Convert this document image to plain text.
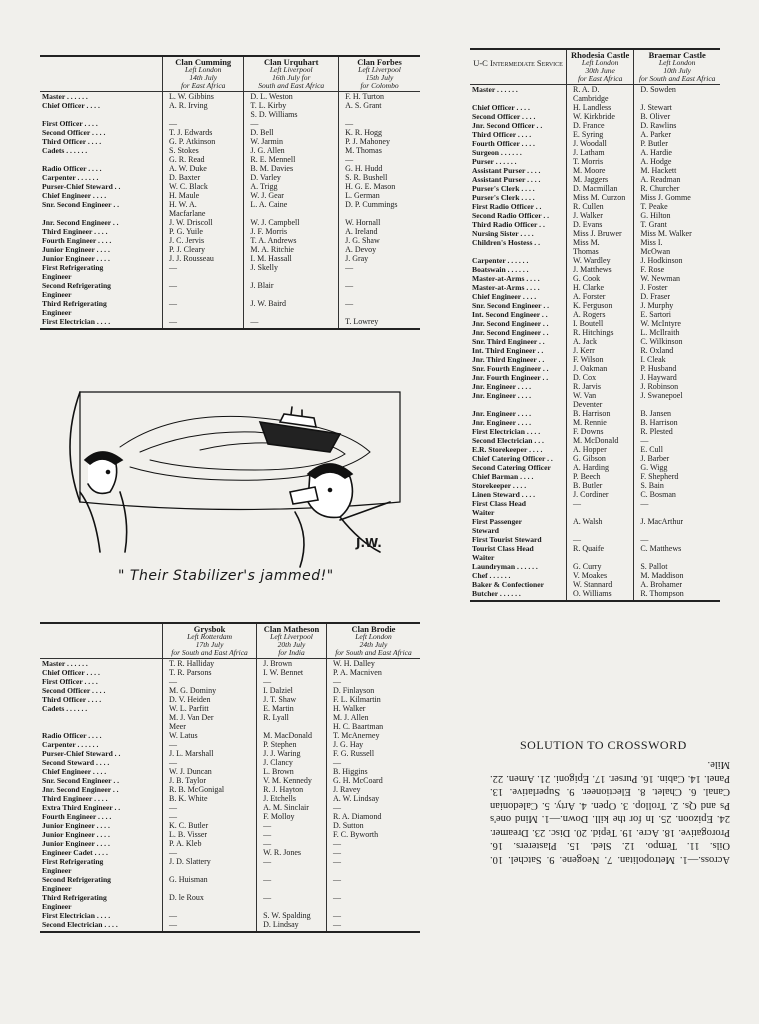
	Clan Cumming
Left London
14th July
for East Africa	Clan Urquhart
Left Liverpool
16th July for
South and East Africa	Clan Forbes
Left Liverpool
15th July
for Colombo

Master . . . . . .	L. W. Gibbins	D. L. Weston	F. H. Turton
Chief Officer . . . .	A. R. Irving	T. L. Kirby	A. S. Grant
		S. D. Williams	
First Officer . . . .	—	—	—
Second Officer . . . .	T. J. Edwards	D. Bell	K. R. Hogg
Third Officer . . . .	G. P. Atkinson	W. Jarmin	P. J. Mahoney
Cadets . . . . . .	S. Stokes	J. G. Allen	M. Thomas
	G. R. Read	R. E. Mennell	—
Radio Officer . . . .	A. W. Duke	B. M. Davies	G. H. Hudd
Carpenter . . . . . .	D. Baxter	D. Varley	S. R. Bushell
Purser-Chief Steward . .	W. C. Black	A. Trigg	H. G. E. Mason
Chief Engineer . . . .	H. Maule	W. J. Gear	L. German
Snr. Second Engineer . .	H. W. A.	L. A. Caine	D. P. Cummings
	Macfarlane		
Jnr. Second Engineer . .	J. W. Driscoll	W. J. Campbell	W. Hornall
Third Engineer . . . .	P. G. Yuile	J. F. Morris	A. Ireland
Fourth Engineer . . . .	J. C. Jervis	T. A. Andrews	J. G. Shaw
Junior Engineer . . . .	P. J. Cleary	M. A. Ritchie	A. Devoy
Junior Engineer . . . .	J. J. Rousseau	I. M. Hassall	J. Gray
First Refrigerating	—	J. Skelly	—
Engineer			
Second Refrigerating	—	J. Blair	—
Engineer			
Third Refrigerating	—	J. W. Baird	—
Engineer			
First Electrician . . . .	—	—	T. Lowrey
J.W.
" Their Stabilizer's jammed!"

	Grysbok
Left Rotterdam
17th July
for South and East Africa	Clan Matheson
Left Liverpool
20th July
for India	Clan Brodie
Left London
24th July
for South and East Africa

Master . . . . . .	T. R. Halliday	J. Brown	W. H. Dalley
Chief Officer . . . .	T. R. Parsons	I. W. Bennet	P. A. Macniven
First Officer . . . .	—	—	—
Second Officer . . . .	M. G. Dominy	I. Dalziel	D. Finlayson
Third Officer . . . .	D. V. Heiden	J. T. Shaw	F. L. Kilmartin
Cadets . . . . . .	W. L. Parfitt	E. Martin	H. Walker
	M. J. Van Der	R. Lyall	M. J. Allen
	Meer		H. C. Baartman
Radio Officer . . . .	W. Latus	M. MacDonald	T. McAnerney
Carpenter . . . . . .	—	P. Stephen	J. G. Hay
Purser-Chief Steward . .	J. L. Marshall	J. J. Waring	F. G. Russell
Second Steward . . . .	—	J. Clancy	—
Chief Engineer . . . .	W. J. Duncan	L. Brown	B. Higgins
Snr. Second Engineer . .	J. B. Taylor	V. M. Kennedy	G. H. McCoard
Jnr. Second Engineer . .	R. B. McGonigal	R. J. Hayton	J. Ravey
Third Engineer . . . .	B. K. White	J. Etchells	A. W. Lindsay
Extra Third Engineer . .	—	A. M. Sinclair	—
Fourth Engineer . . . .	—	F. Molloy	R. A. Diamond
Junior Engineer . . . .	K. C. Butler	—	D. Sutton
Junior Engineer . . . .	L. B. Visser	—	F. C. Byworth
Junior Engineer . . . .	P. A. Kleb	—	—
Engineer Cadet . . . .	—	W. R. Jones	—
First Refrigerating	J. D. Slattery	—	—
Engineer			
Second Refrigerating	G. Huisman	—	—
Engineer			
Third Refrigerating	D. le Roux	—	—
Engineer			
First Electrician . . . .	—	S. W. Spalding	—
Second Electrician . . . .	—	D. Lindsay	—
U-C Intermediate Service	Rhodesia Castle
Left London
30th June
for East Africa	Braemar Castle
Left London
10th July
for South and East Africa

Master . . . . . .	R. A. D.	D. Sowden
	Cambridge	
Chief Officer . . . .	H. Landless	J. Stewart
Second Officer . . . .	W. Kirkbride	B. Oliver
Jnr. Second Officer . .	D. France	D. Rawlins
Third Officer . . . .	E. Syring	A. Parker
Fourth Officer . . . .	J. Woodall	P. Butler
Surgeon . . . . . .	J. Latham	A. Hardie
Purser . . . . . .	T. Morris	A. Hodge
Assistant Purser . . . .	M. Moore	M. Hackett
Assistant Purser . . . .	M. Jaggers	A. Readman
Purser's Clerk . . . .	D. Macmillan	R. Churcher
Purser's Clerk . . . .	Miss M. Curzon	Miss J. Gomme
First Radio Officer . .	R. Cullen	T. Peake
Second Radio Officer . .	J. Walker	G. Hilton
Third Radio Officer . .	D. Evans	T. Grant
Nursing Sister . . . .	Miss J. Bruwer	Miss M. Walker
Children's Hostess . .	Miss M.	Miss I.
	Thomas	McOwan
Carpenter . . . . . .	W. Wardley	J. Hodkinson
Boatswain . . . . . .	J. Matthews	F. Rose
Master-at-Arms . . . .	G. Cook	W. Newman
Master-at-Arms . . . .	H. Clarke	J. Foster
Chief Engineer . . . .	A. Forster	D. Fraser
Snr. Second Engineer . .	K. Ferguson	J. Murphy
Int. Second Engineer . .	A. Rogers	E. Sartori
Jnr. Second Engineer . .	I. Boutell	W. McIntyre
Jnr. Second Engineer . .	R. Hitchings	L. McIlraith
Snr. Third Engineer . .	A. Jack	C. Wilkinson
Int. Third Engineer . .	J. Kerr	R. Oxland
Jnr. Third Engineer . .	F. Wilson	I. Cleak
Snr. Fourth Engineer . .	J. Oakman	P. Husband
Jnr. Fourth Engineer . .	D. Cox	J. Hayward
Jnr. Engineer . . . .	R. Jarvis	J. Robinson
Jnr. Engineer . . . .	W. Van	J. Swanepoel
	Deventer	
Jnr. Engineer . . . .	B. Harrison	B. Jansen
Jnr. Engineer . . . .	M. Rennie	B. Harrison
First Electrician . . . .	F. Downs	R. Plested
Second Electrician . . .	M. McDonald	—
E.R. Storekeeper . . . .	A. Hopper	E. Cull
Chief Catering Officer . .	G. Gibson	J. Barber
Second Catering Officer	A. Harding	G. Wigg
Chief Barman . . . .	P. Beech	F. Shepherd
Storekeeper . . . .	B. Butler	S. Bain
Linen Steward . . . .	J. Cordiner	C. Bosman
First Class Head	—	—
Waiter		
First Passenger	A. Walsh	J. MacArthur
Steward		
First Tourist Steward	—	—
Tourist Class Head	R. Quaife	C. Matthews
Waiter		
Laundryman . . . . . .	G. Curry	S. Pallot
Chef . . . . . .	V. Moakes	M. Maddison
Baker & Confectioner	W. Stannard	A. Brohamer
Butcher . . . . . .	O. Williams	R. Thompson
SOLUTION TO CROSSWORD
Across.—1. Metropolitan. 7. Neogene. 9. Satchel. 10. Oils. 11. Tempo. 12. Sled. 15. Plasterers. 16. Prorogative. 18. Acre. 19. Tepid. 20. Disc. 23. Dreamer. 24. Epizoon. 25. In for the kill. Down.—1. Mind one's Ps and Qs. 2. Trollop. 3. Open. 4. Arty. 5. Caledonian Canal. 6. Chalet. 8. Electioneer. 9. Superlative. 13. Panel. 14. Cabin. 16. Purser. 17. Epigoni. 21. Amen. 22. Mile.
